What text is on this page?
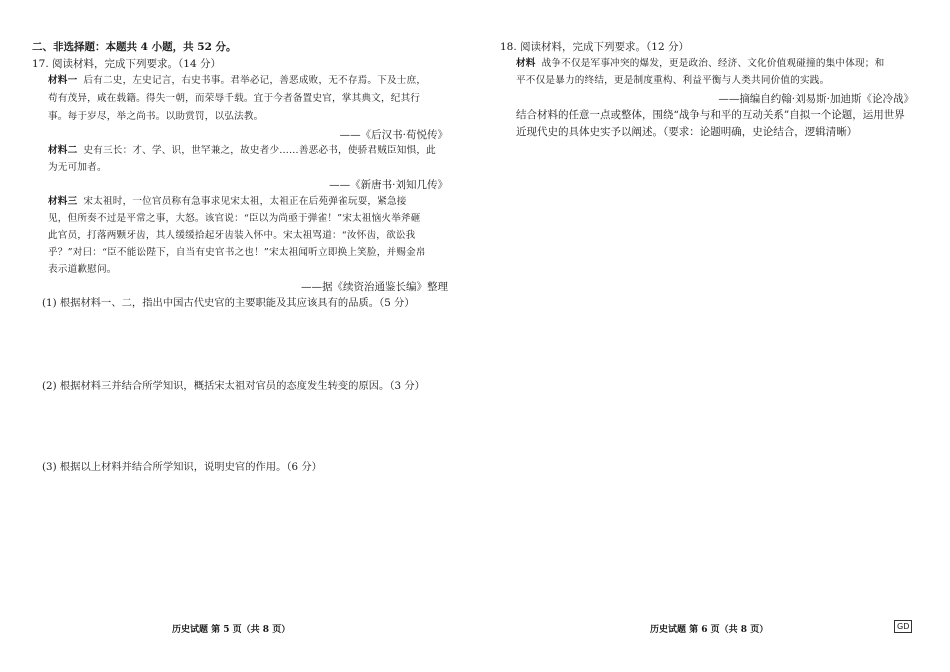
二、非选择题：本题共 4 小题，共 52 分。
17. 阅读材料，完成下列要求。（14 分）
材料一 后有二史，左史记言，右史书事。君举必记，善恶成败，无不存焉。下及士庶，
苟有茂异，咸在载籍。得失一朝，而荣辱千载。宜于今者备置史官，掌其典文，纪其行
事。每于岁尽，举之尚书。以助赏罚，以弘法教。
——《后汉书·荀悦传》
材料二 史有三长：才、学、识，世罕兼之，故史者少……善恶必书，使骄君贼臣知惧，此
为无可加者。
——《新唐书·刘知几传》
材料三 宋太祖时，一位官员称有急事求见宋太祖，太祖正在后苑弹雀玩耍，紧急接
见，但所奏不过是平常之事，大怒。该官说：“臣以为尚亟于弹雀！”宋太祖恼火举斧砸
此官员，打落两颗牙齿，其人缓缓拾起牙齿装入怀中。宋太祖骂道：“汝怀齿，欲讼我
乎？”对曰：“臣不能讼陛下，自当有史官书之也！”宋太祖闻听立即换上笑脸，并赐金帛
表示道歉慰问。
——据《续资治通鉴长编》整理
(1) 根据材料一、二，指出中国古代史官的主要职能及其应该具有的品质。（5 分）
(2) 根据材料三并结合所学知识，概括宋太祖对官员的态度发生转变的原因。（3 分）
(3) 根据以上材料并结合所学知识，说明史官的作用。（6 分）
历史试题 第 5 页（共 8 页）
18. 阅读材料，完成下列要求。（12 分）
材料 战争不仅是军事冲突的爆发，更是政治、经济、文化价值观碰撞的集中体现；和
平不仅是暴力的终结，更是制度重构、利益平衡与人类共同价值的实践。
——摘编自约翰·刘易斯·加迪斯《论冷战》
结合材料的任意一点或整体，围绕“战争与和平的互动关系”自拟一个论题，运用世界
近现代史的具体史实予以阐述。（要求：论题明确，史论结合，逻辑清晰）
历史试题 第 6 页（共 8 页）	GD
